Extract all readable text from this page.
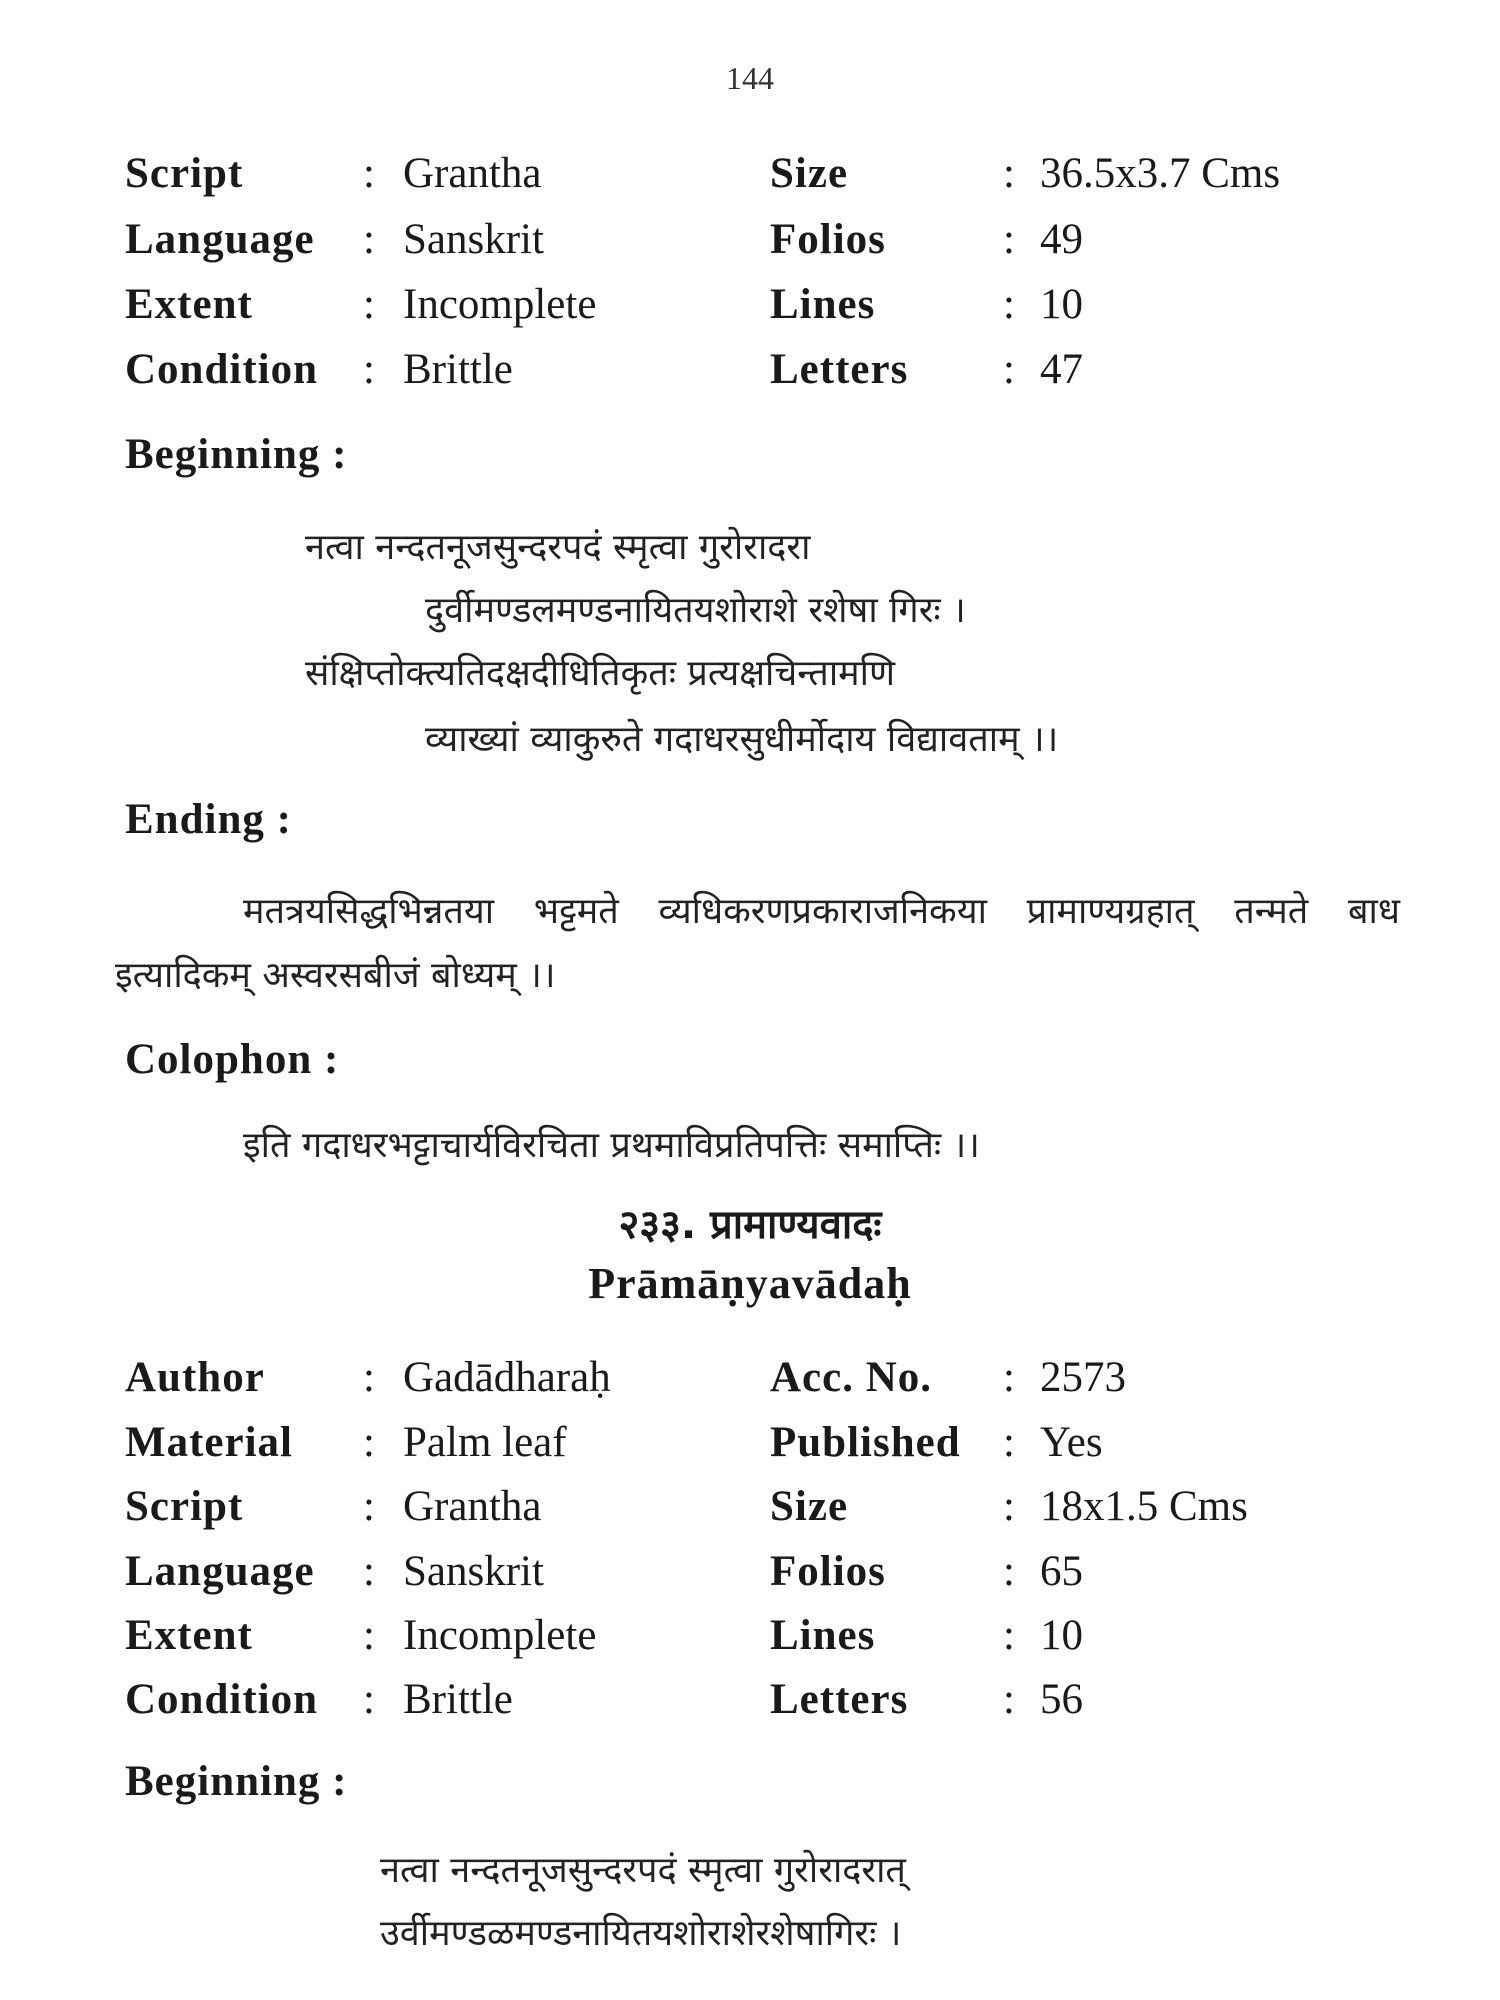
144
Script	: Grantha	Size	: 36.5x3.7 Cms
Language : Sanskrit	Folios	: 49
Extent	: Incomplete	Lines	: 10
Condition : Brittle	Letters : 47
Beginning :
नत्वा नन्दतनूजसुन्दरपदं स्मृत्वा गुरोरादरा
दुर्वीमण्डलमण्डनायितयशोराशे रशेषा गिरः ।
संक्षिप्तोक्त्यतिदक्षदीधितिकृतः प्रत्यक्षचिन्तामणि
व्याख्यां व्याकुरुते गदाधरसुधीर्मोदाय विद्यावताम् ।।
Ending :
मतत्रयसिद्धभिन्नतया भट्टमते व्यधिकरणप्रकाराजनिकया प्रामाण्यग्रहात् तन्मते बाध इत्यादिकम् अस्वरसबीजं बोध्यम् ।।
Colophon :
इति गदाधरभट्टाचार्यविरचिता प्रथमाविप्रतिपत्तिः समाप्तिः ।।
२३३. प्रामाण्यवादः
Prāmāṇyavādaḥ
Author : Gadādharaḥ	Acc. No. : 2573
Material : Palm leaf	Published : Yes
Script	: Grantha	Size	: 18x1.5 Cms
Language : Sanskrit	Folios	: 65
Extent	: Incomplete	Lines	: 10
Condition : Brittle	Letters : 56
Beginning :
नत्वा नन्दतनूजसुन्दरपदं स्मृत्वा गुरोरादरात्
उर्वीमण्डळमण्डनायितयशोराशेरशेषागिरः ।
